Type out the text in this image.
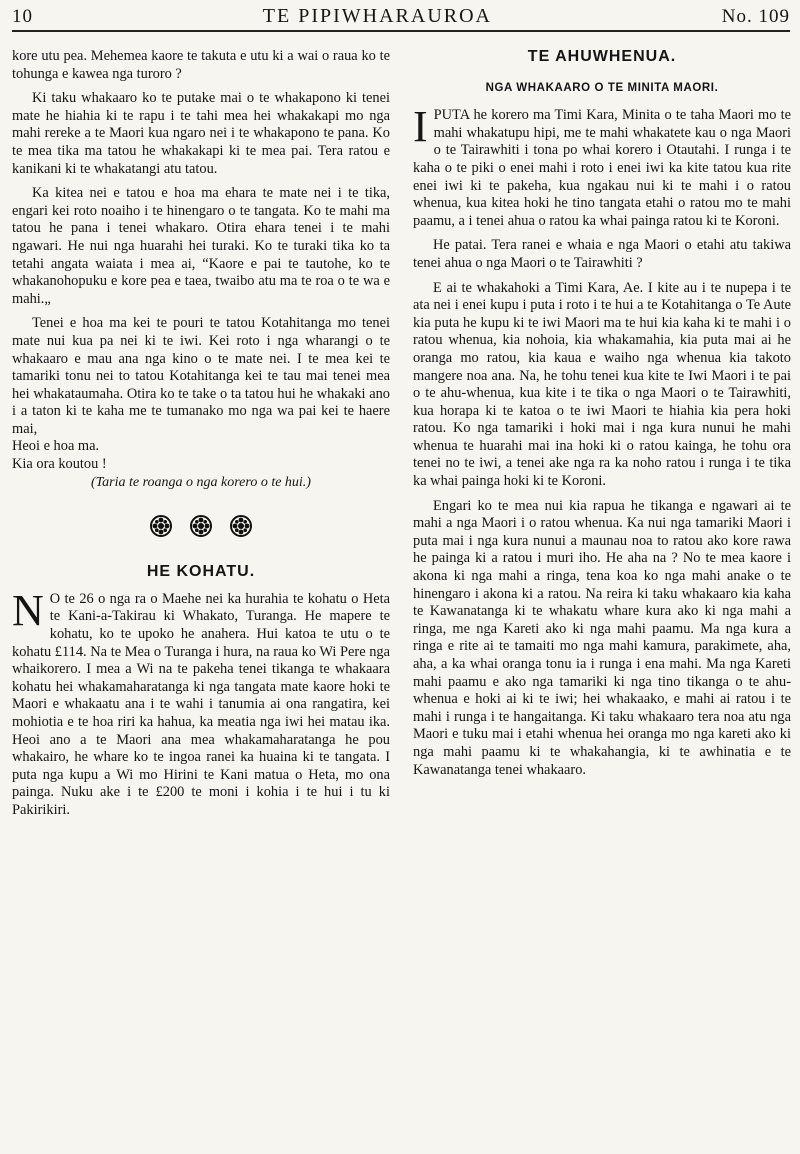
10	TE PIPIWHARAUROA	No. 109

kore utu pea. Mehemea kaore te takuta e utu ki a wai o raua ko te tohunga e kawea nga turoro ?

Ki taku whakaaro ko te putake mai o te whakapono ki tenei mate he hiahia ki te rapu i te tahi mea hei whakakapi mo nga mahi rereke a te Maori kua ngaro nei i te whakapono te pana. Ko te mea tika ma tatou he whakakapi ki te mea pai. Tera ratou e kanikani ki te whakatangi atu tatou.

Ka kitea nei e tatou e hoa ma ehara te mate nei i te tika, engari kei roto noaiho i te hinengaro o te tangata. Ko te mahi ma tatou he pana i tenei whakaro. Otira ehara tenei i te mahi ngawari. He nui nga huarahi hei turaki. Ko te turaki tika ko ta tetahi angata waiata i mea ai, “Kaore e pai te tautohe, ko te whakanohopuku e kore pea e taea, twaibo atu ma te roa o te wa e mahi.„

Tenei e hoa ma kei te pouri te tatou Kotahitanga mo tenei mate nui kua pa nei ki te iwi. Kei roto i nga wharangi o te whakaaro e mau ana nga kino o te mate nei. I te mea kei te tamariki tonu nei to tatou Kotahitanga kei te tau mai tenei mea hei whakataumaha. Otira ko te take o ta tatou hui he whakaki ano i a taton ki te kaha me te tumanako mo nga wa pai kei te haere mai,

Heoi e hoa ma.

Kia ora koutou !

(Taria te roanga o nga korero o te hui.)

HE KOHATU.

N O te 26 o nga ra o Maehe nei ka hurahia te kohatu o Heta te Kani-a-Takirau ki Whakato, Turanga. He mapere te kohatu, ko te upoko he anahera. Hui katoa te utu o te kohatu £114. Na te Mea o Turanga i hura, na raua ko Wi Pere nga whaikorero. I mea a Wi na te pakeha tenei tikanga te whakaara kohatu hei whakamaharatanga ki nga tangata mate kaore hoki te Maori e whakaatu ana i te wahi i tanumia ai ona rangatira, kei mohiotia e te hoa riri ka hahua, ka meatia nga iwi hei matau ika. Heoi ano a te Maori ana mea whakamaharatanga he pou whakairo, he whare ko te ingoa ranei ka huaina ki te tangata. I puta nga kupu a Wi mo Hirini te Kani matua o Heta, mo ona painga. Nuku ake i te £200 te moni i kohia i te hui i tu ki Pakirikiri.

TE AHUWHENUA.
NGA WHAKAARO O TE MINITA MAORI.

IPUTA he korero ma Timi Kara, Minita o te taha Maori mo te mahi whakatupu hipi, me te mahi whakatete kau o nga Maori o te Tairawhiti i tona po whai korero i Otautahi. I runga i te kaha o te piki o enei mahi i roto i enei iwi ka kite tatou kua rite enei iwi ki te pakeha, kua ngakau nui ki te mahi i o ratou whenua, kua kitea hoki he tino tangata etahi o ratou mo te mahi paamu, a i tenei ahua o ratou ka whai painga ratou ki te Koroni.

He patai. Tera ranei e whaia e nga Maori o etahi atu takiwa tenei ahua o nga Maori o te Tairawhiti ?

E ai te whakahoki a Timi Kara, Ae. I kite au i te nupepa i te ata nei i enei kupu i puta i roto i te hui a te Kotahitanga o Te Aute kia puta he kupu ki te iwi Maori ma te hui kia kaha ki te mahi i o ratou whenua, kia nohoia, kia whakamahia, kia puta mai ai he oranga mo ratou, kia kaua e waiho nga whenua kia takoto mangere noa ana. Na, he tohu tenei kua kite te Iwi Maori i te pai o te ahu-whenua, kua kite i te tika o nga Maori o te Tairawhiti, kua horapa ki te katoa o te iwi Maori te hiahia kia pera hoki ratou. Ko nga tamariki i hoki mai i nga kura nunui he mahi whenua te huarahi mai ina hoki ki o ratou kainga, he tohu ora tenei no te iwi, a tenei ake nga ra ka noho ratou i runga i te tika ka whai painga hoki ki te Koroni.

Engari ko te mea nui kia rapua he tikanga e ngawari ai te mahi a nga Maori i o ratou whenua. Ka nui nga tamariki Maori i puta mai i nga kura nunui a maunau noa to ratou ako kore rawa he painga ki a ratou i muri iho. He aha na ? No te mea kaore i akona ki nga mahi a ringa, tena koa ko nga mahi anake o te hinengaro i akona ki a ratou. Na reira ki taku whakaaro kia kaha te Kawanatanga ki te whakatu whare kura ako ki nga mahi a ringa, me nga Kareti ako ki nga mahi paamu. Ma nga kura a ringa e rite ai te tamaiti mo nga mahi kamura, parakimete, aha, aha, a ka whai oranga tonu ia i runga i ena mahi. Ma nga Kareti mahi paamu e ako nga tamariki ki nga tino tikanga o te ahu-whenua e hoki ai ki te iwi; hei whakaako, e mahi ai ratou i te mahi i runga i te hangaitanga. Ki taku whakaaro tera noa atu nga Maori e tuku mai i etahi whenua hei oranga mo nga kareti ako ki nga mahi paamu ki te whakahangia, ki te awhinatia e te Kawanatanga tenei whakaaro.
